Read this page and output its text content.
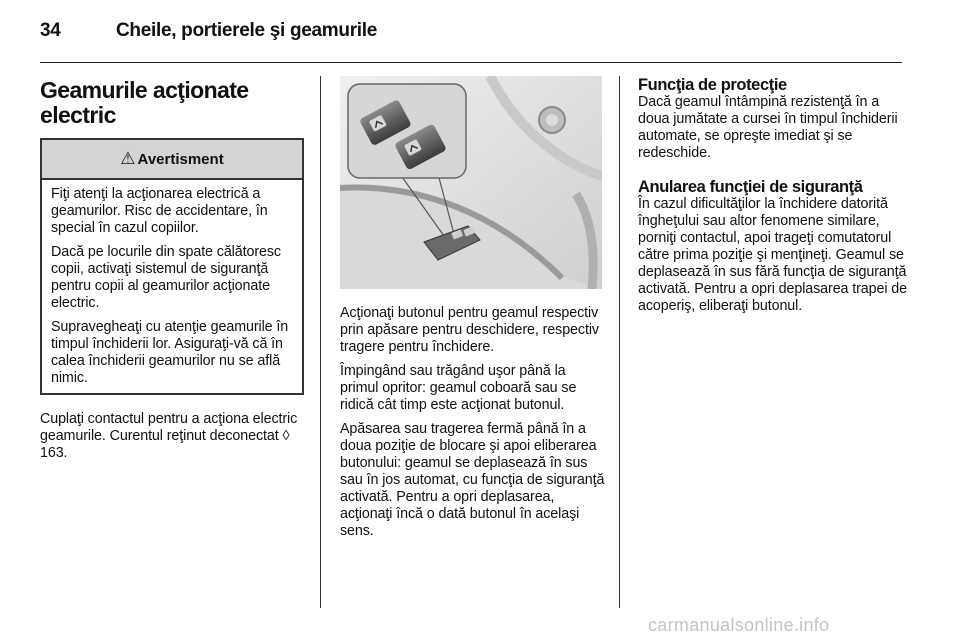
34	Cheile, portierele şi geamurile
Geamurile acţionate
electric
⚠ Avertisment

Fiţi atenţi la acţionarea electrică a geamurilor. Risc de accidentare, în special în cazul copiilor.

Dacă pe locurile din spate călătoresc copii, activaţi sistemul de siguranţă pentru copii al geamurilor acţionate electric.

Supravegheaţi cu atenţie geamurile în timpul închiderii lor. Asiguraţi-vă că în calea închiderii geamurilor nu se află nimic.

Cuplaţi contactul pentru a acţiona electric geamurile. Curentul reţinut deconectat ◊ 163.

Acţionaţi butonul pentru geamul respectiv prin apăsare pentru deschidere, respectiv tragere pentru închidere.

Împingând sau trăgând uşor până la primul opritor: geamul coboară sau se ridică cât timp este acţionat butonul.

Apăsarea sau tragerea fermă până în a doua poziţie de blocare şi apoi eliberarea butonului: geamul se deplasează în sus sau în jos automat, cu funcţia de siguranţă activată. Pentru a opri deplasarea, acţionaţi încă o dată butonul în acelaşi sens.

Funcţia de protecţie

Dacă geamul întâmpină rezistenţă în a doua jumătate a cursei în timpul închiderii automate, se opreşte imediat şi se redeschide.

Anularea funcţiei de siguranţă

În cazul dificultăţilor la închidere datorită îngheţului sau altor fenomene similare, porniţi contactul, apoi trageţi comutatorul către prima poziţie şi menţineţi. Geamul se deplasează în sus fără funcţia de siguranţă activată. Pentru a opri deplasarea trapei de acoperiş, eliberaţi butonul.

carmanualsonline.info
